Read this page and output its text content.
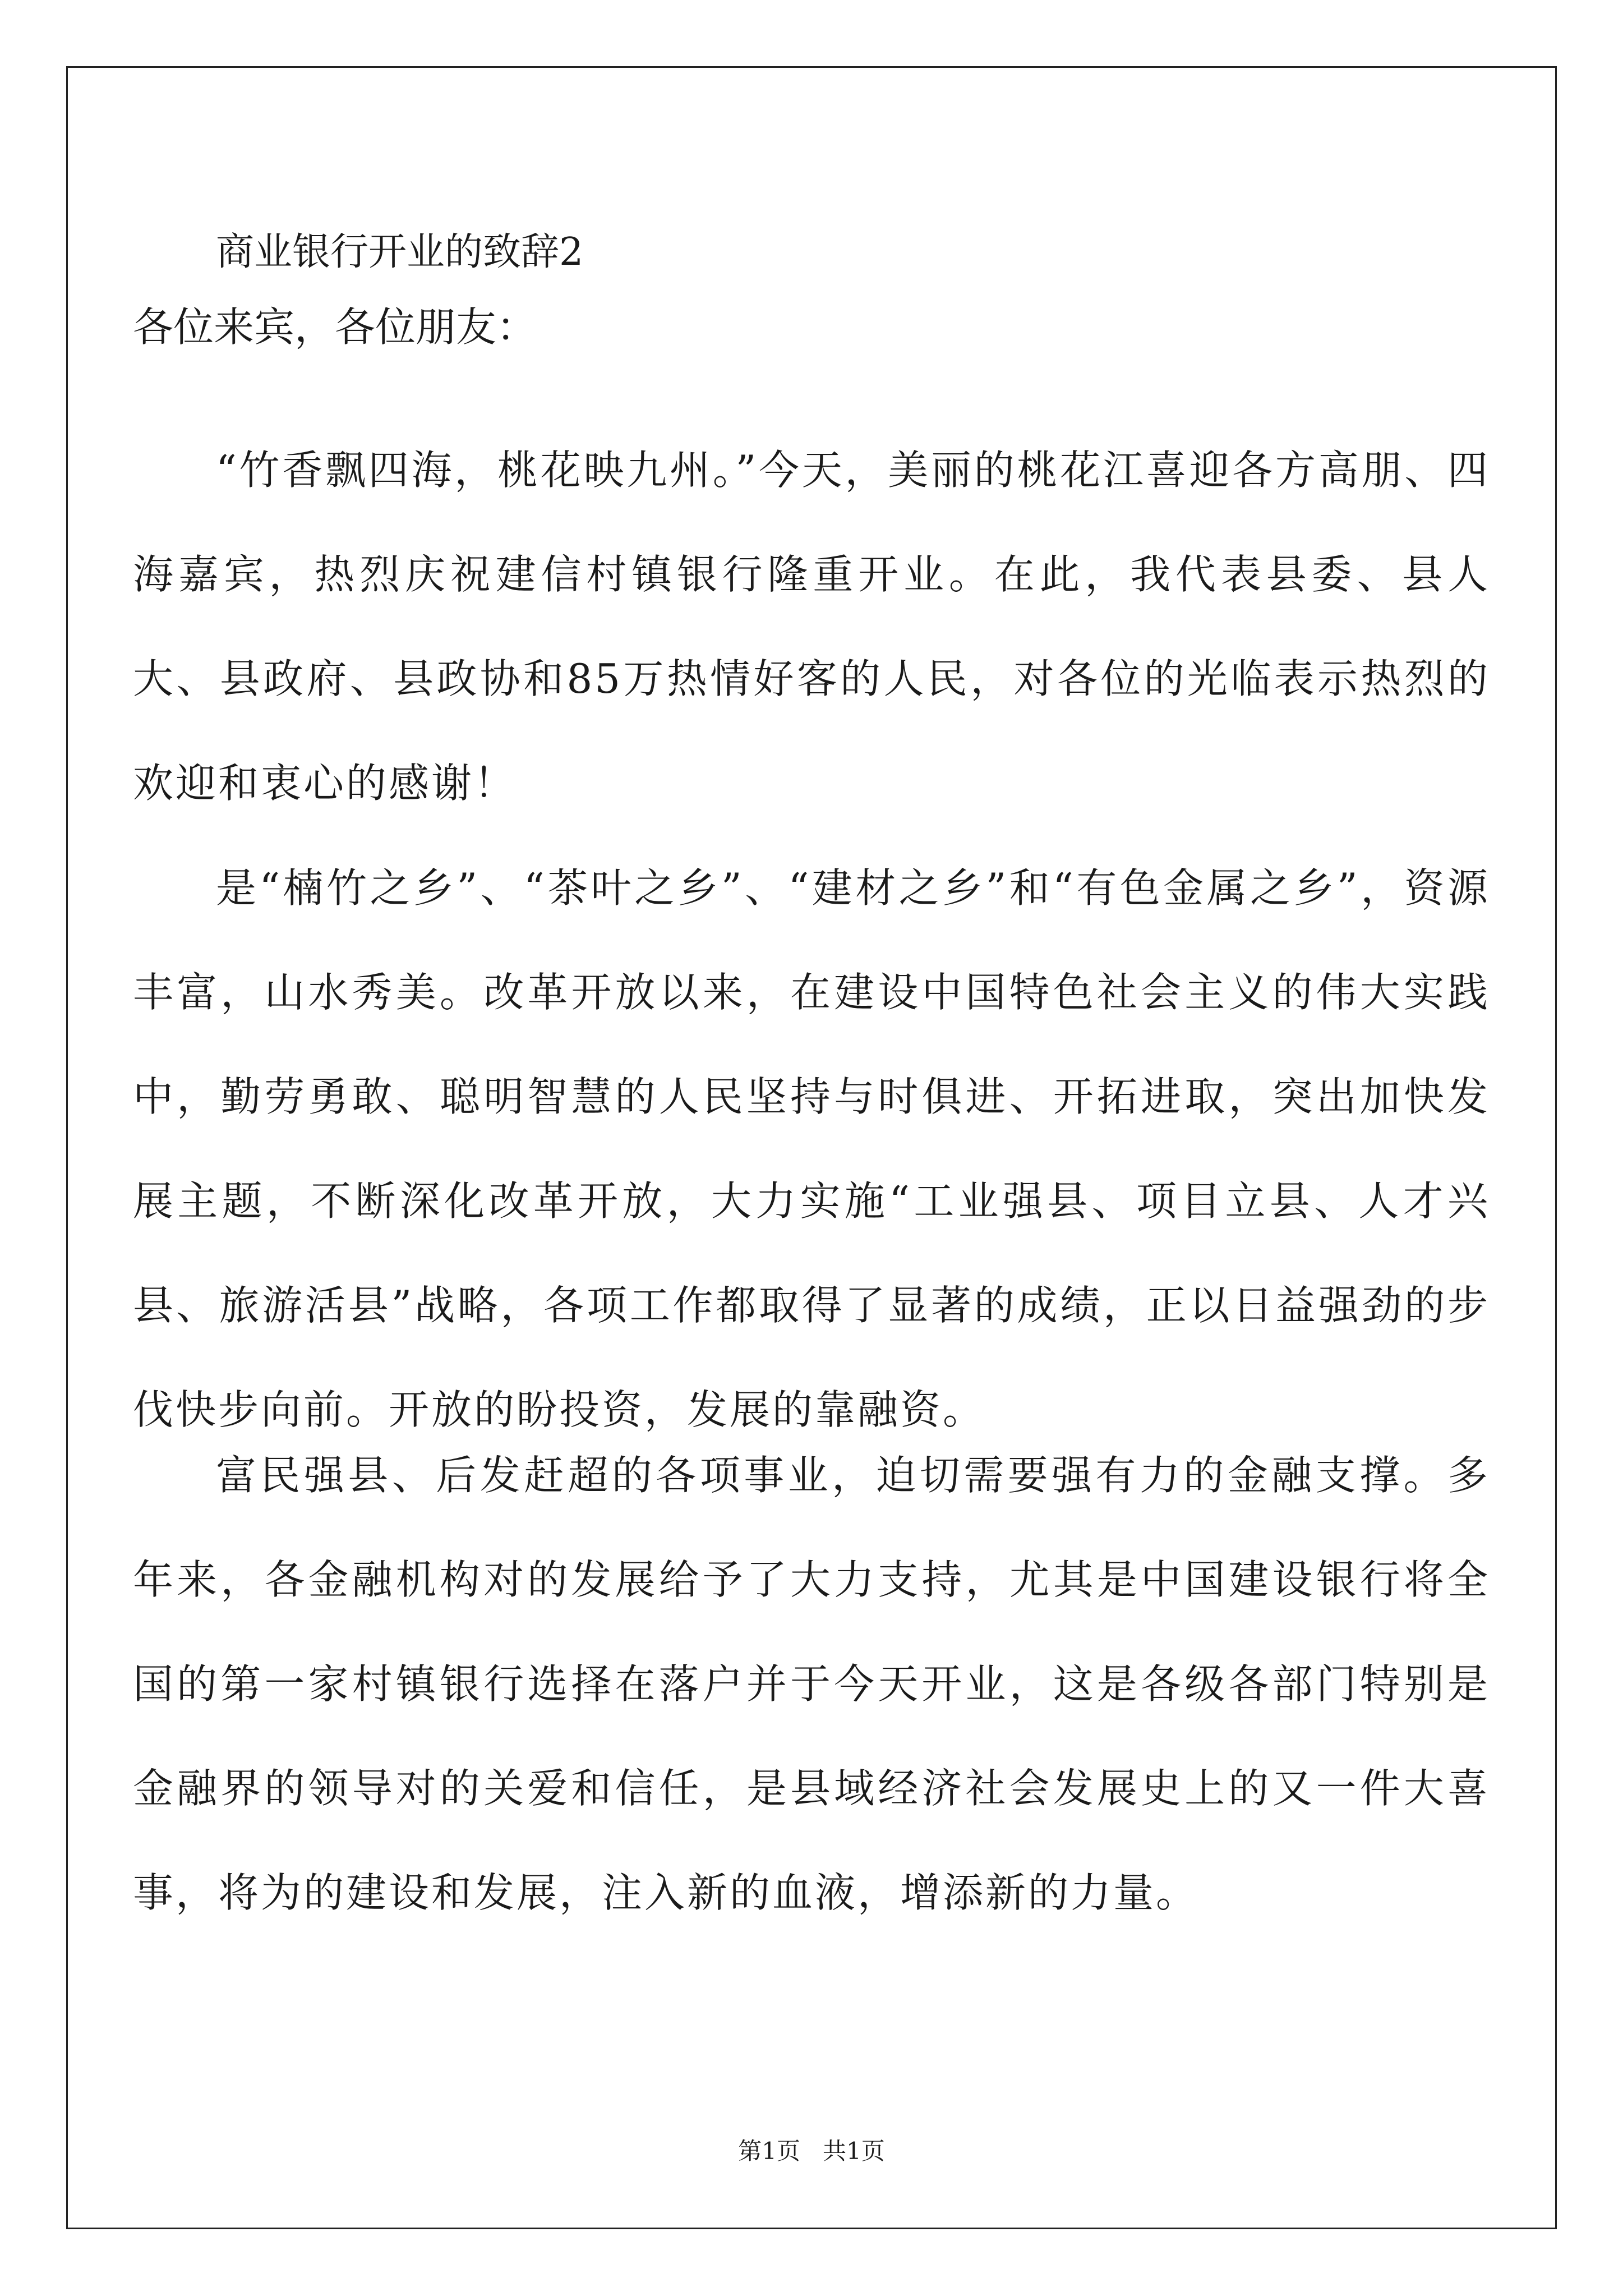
商业银行开业的致辞2
各位来宾，各位朋友：

“竹香飘四海，桃花映九州。”今天，美丽的桃花江喜迎各方高朋、四海嘉宾，热烈庆祝建信村镇银行隆重开业。在此，我代表县委、县人大、县政府、县政协和85万热情好客的人民，对各位的光临表示热烈的欢迎和衷心的感谢！

是“楠竹之乡”、“茶叶之乡”、“建材之乡”和“有色金属之乡”，资源丰富，山水秀美。改革开放以来，在建设中国特色社会主义的伟大实践中，勤劳勇敢、聪明智慧的人民坚持与时俱进、开拓进取，突出加快发展主题，不断深化改革开放，大力实施“工业强县、项目立县、人才兴县、旅游活县”战略，各项工作都取得了显著的成绩，正以日益强劲的步伐快步向前。开放的盼投资，发展的靠融资。

富民强县、后发赶超的各项事业，迫切需要强有力的金融支撑。多年来，各金融机构对的发展给予了大力支持，尤其是中国建设银行将全国的第一家村镇银行选择在落户并于今天开业，这是各级各部门特别是金融界的领导对的关爱和信任，是县域经济社会发展史上的又一件大喜事，将为的建设和发展，注入新的血液，增添新的力量。

第1页   共1页
